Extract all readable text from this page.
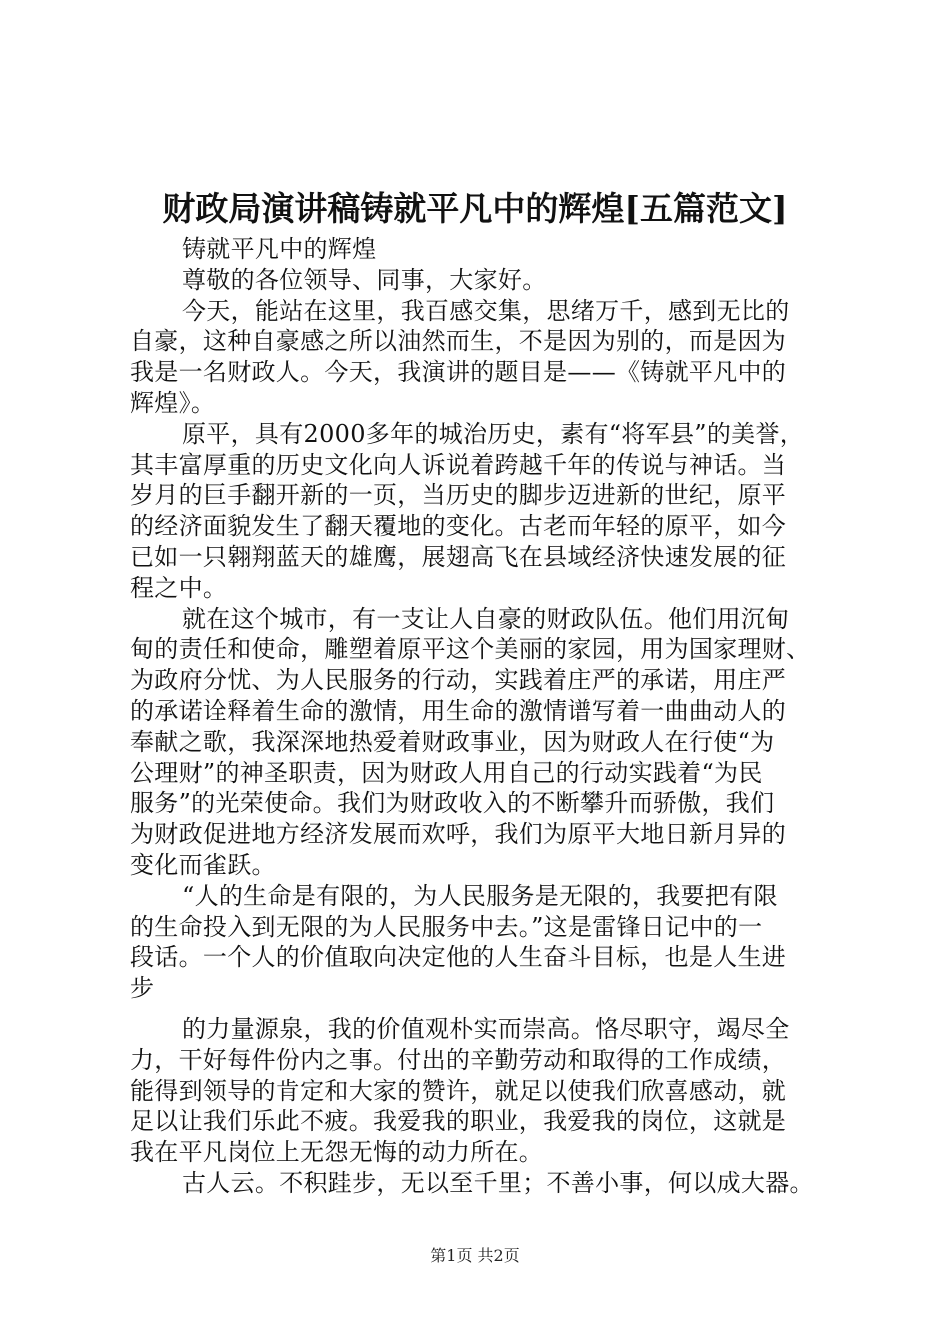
财政局演讲稿铸就平凡中的辉煌[五篇范文]
铸就平凡中的辉煌
尊敬的各位领导、同事，大家好。
今天，能站在这里，我百感交集，思绪万千，感到无比的
自豪，这种自豪感之所以油然而生，不是因为别的，而是因为
我是一名财政人。今天，我演讲的题目是——《铸就平凡中的
辉煌》。
原平，具有2000多年的城治历史，素有“将军县”的美誉，
其丰富厚重的历史文化向人诉说着跨越千年的传说与神话。当
岁月的巨手翻开新的一页，当历史的脚步迈进新的世纪，原平
的经济面貌发生了翻天覆地的变化。古老而年轻的原平，如今
已如一只翱翔蓝天的雄鹰，展翅高飞在县域经济快速发展的征
程之中。
就在这个城市，有一支让人自豪的财政队伍。他们用沉甸
甸的责任和使命，雕塑着原平这个美丽的家园，用为国家理财、
为政府分忧、为人民服务的行动，实践着庄严的承诺，用庄严
的承诺诠释着生命的激情，用生命的激情谱写着一曲曲动人的
奉献之歌，我深深地热爱着财政事业，因为财政人在行使“为
公理财”的神圣职责，因为财政人用自己的行动实践着“为民
服务”的光荣使命。我们为财政收入的不断攀升而骄傲，我们
为财政促进地方经济发展而欢呼，我们为原平大地日新月异的
变化而雀跃。
“人的生命是有限的，为人民服务是无限的，我要把有限
的生命投入到无限的为人民服务中去。”这是雷锋日记中的一
段话。一个人的价值取向决定他的人生奋斗目标，也是人生进
步
的力量源泉，我的价值观朴实而崇高。恪尽职守，竭尽全
力，干好每件份内之事。付出的辛勤劳动和取得的工作成绩，
能得到领导的肯定和大家的赞许，就足以使我们欣喜感动，就
足以让我们乐此不疲。我爱我的职业，我爱我的岗位，这就是
我在平凡岗位上无怨无悔的动力所在。
古人云。不积跬步，无以至千里；不善小事，何以成大器。
第1页 共2页
